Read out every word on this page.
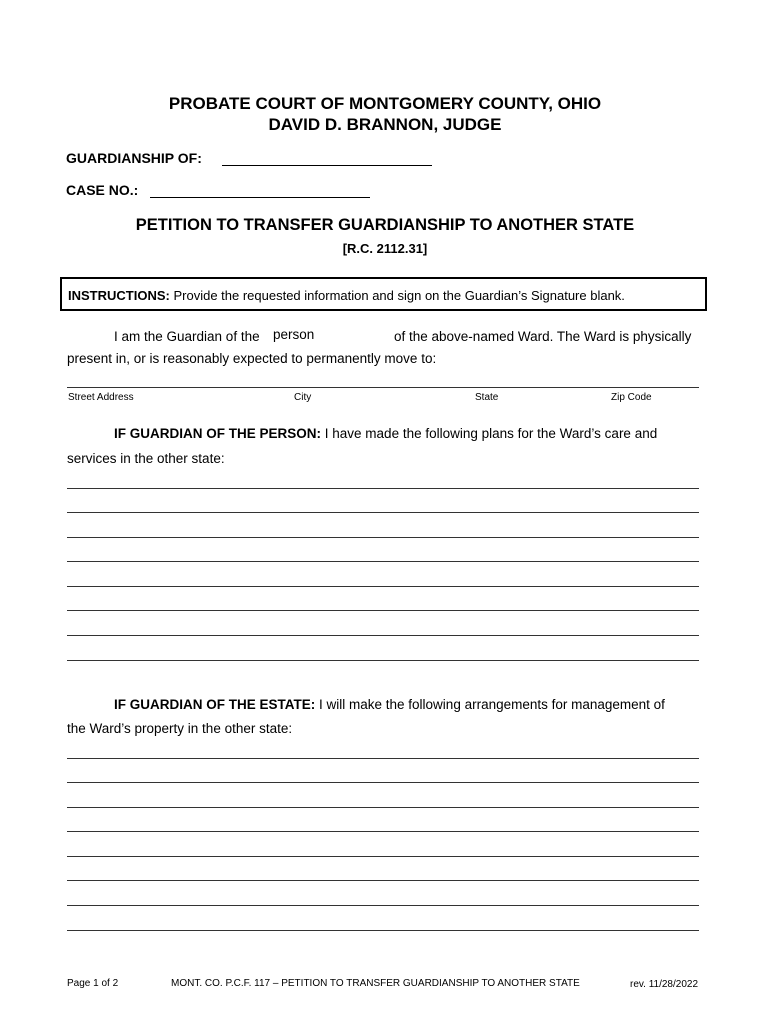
PROBATE COURT OF MONTGOMERY COUNTY, OHIO
DAVID D. BRANNON, JUDGE
GUARDIANSHIP OF:
CASE NO.:
PETITION TO TRANSFER GUARDIANSHIP TO ANOTHER STATE
[R.C. 2112.31]
INSTRUCTIONS: Provide the requested information and sign on the Guardian’s Signature blank.
I am the Guardian of the person	of the above-named Ward. The Ward is physically
present in, or is reasonably expected to permanently move to:
Street Address	City	State	Zip Code
IF GUARDIAN OF THE PERSON: I have made the following plans for the Ward’s care and
services in the other state:
IF GUARDIAN OF THE ESTATE: I will make the following arrangements for management of
the Ward’s property in the other state:
Page 1 of 2	MONT. CO. P.C.F. 117 – PETITION TO TRANSFER GUARDIANSHIP TO ANOTHER STATE	rev. 11/28/2022
